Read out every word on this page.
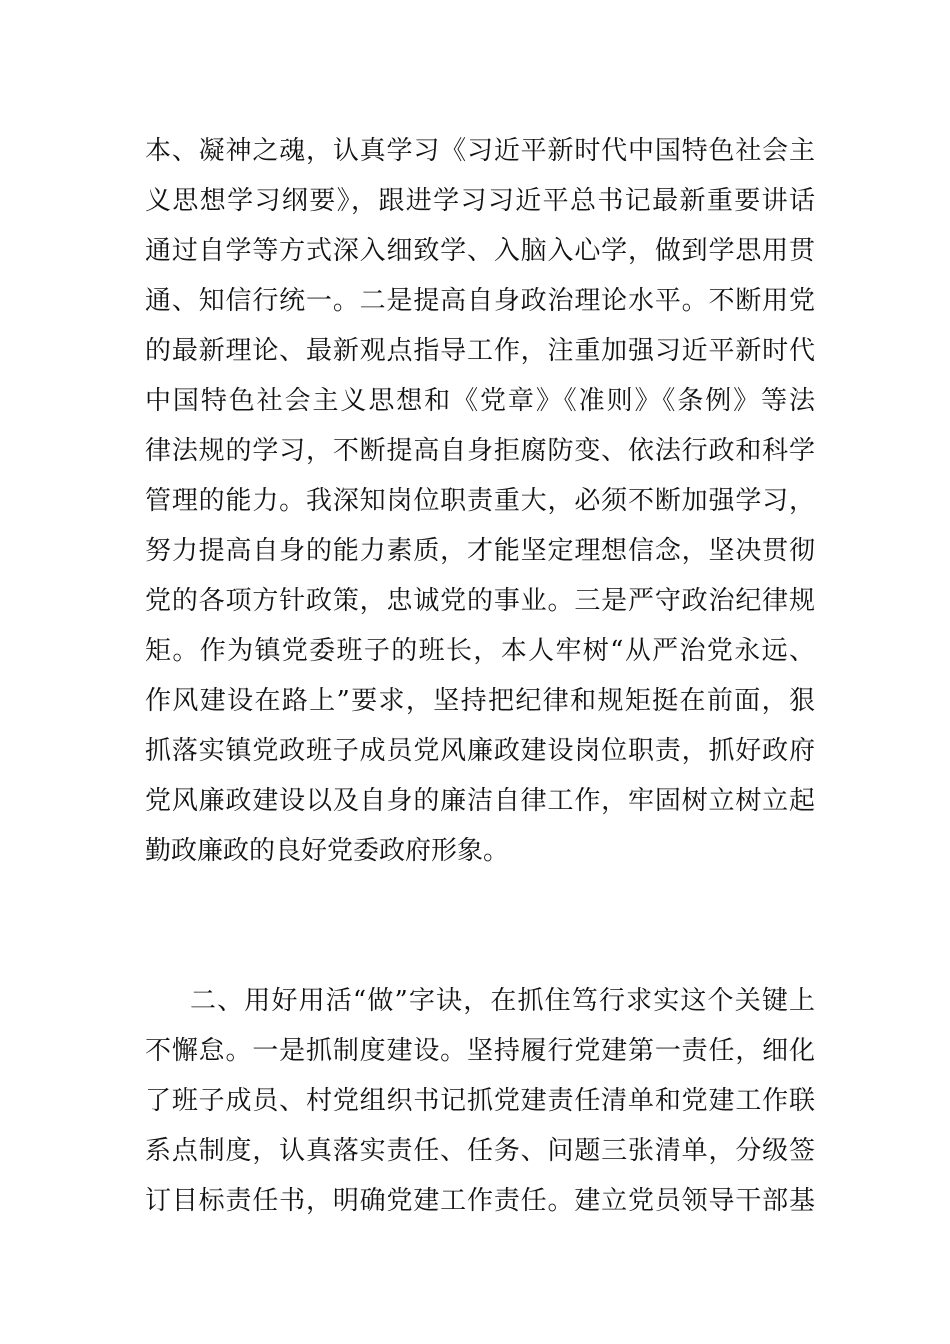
本、凝神之魂，认真学习《习近平新时代中国特色社会主
义思想学习纲要》，跟进学习习近平总书记最新重要讲话
通过自学等方式深入细致学、入脑入心学，做到学思用贯
通、知信行统一。二是提高自身政治理论水平。不断用党
的最新理论、最新观点指导工作，注重加强习近平新时代
中国特色社会主义思想和《党章》《准则》《条例》等法
律法规的学习，不断提高自身拒腐防变、依法行政和科学
管理的能力。我深知岗位职责重大，必须不断加强学习，
努力提高自身的能力素质，才能坚定理想信念，坚决贯彻
党的各项方针政策，忠诚党的事业。三是严守政治纪律规
矩。作为镇党委班子的班长，本人牢树“从严治党永远、
作风建设在路上”要求，坚持把纪律和规矩挺在前面，狠
抓落实镇党政班子成员党风廉政建设岗位职责，抓好政府
党风廉政建设以及自身的廉洁自律工作，牢固树立树立起
勤政廉政的良好党委政府形象。
二、用好用活“做”字诀，在抓住笃行求实这个关键上
不懈怠。一是抓制度建设。坚持履行党建第一责任，细化
了班子成员、村党组织书记抓党建责任清单和党建工作联
系点制度，认真落实责任、任务、问题三张清单，分级签
订目标责任书，明确党建工作责任。建立党员领导干部基
